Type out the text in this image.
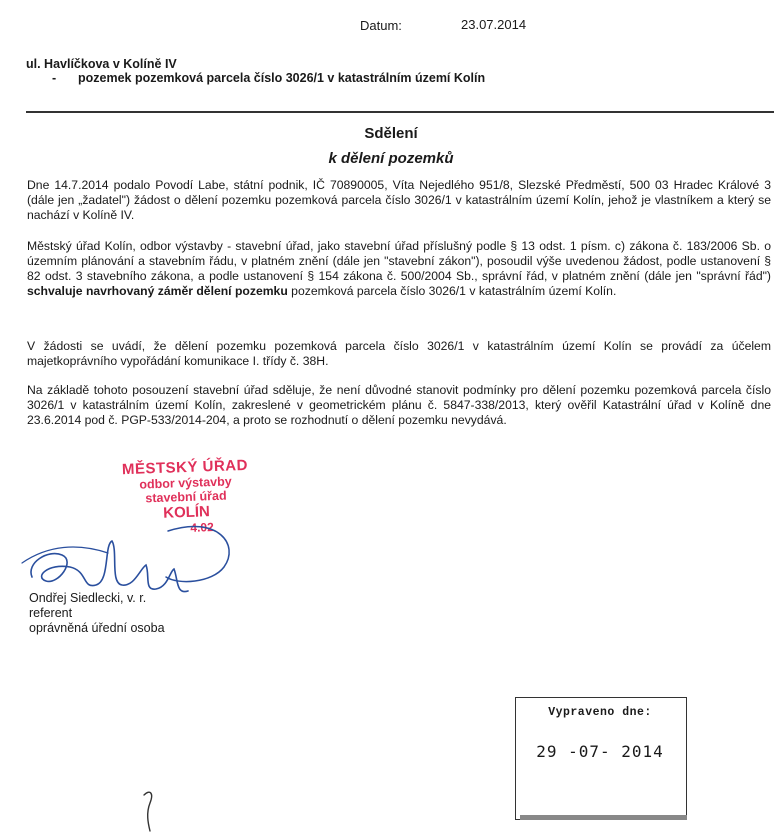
Datum:	23.07.2014
ul. Havlíčkova v Kolíně IV
- pozemek pozemková parcela číslo 3026/1 v katastrálním území Kolín
Sdělení
k dělení pozemků
Dne 14.7.2014 podalo Povodí Labe, státní podnik, IČ 70890005, Víta Nejedlého 951/8, Slezské Předměstí, 500 03 Hradec Králové 3 (dále jen „žadatel") žádost o dělení pozemku pozemková parcela číslo 3026/1 v katastrálním území Kolín, jehož je vlastníkem a který se nachází v Kolíně IV.
Městský úřad Kolín, odbor výstavby - stavební úřad, jako stavební úřad příslušný podle § 13 odst. 1 písm. c) zákona č. 183/2006 Sb. o územním plánování a stavebním řádu, v platném znění (dále jen "stavební zákon"), posoudil výše uvedenou žádost, podle ustanovení § 82 odst. 3 stavebního zákona, a podle ustanovení § 154 zákona č. 500/2004 Sb., správní řád, v platném znění (dále jen "správní řád") schvaluje navrhovaný záměr dělení pozemku pozemková parcela číslo 3026/1 v katastrálním území Kolín.
V žádosti se uvádí, že dělení pozemku pozemková parcela číslo 3026/1 v katastrálním území Kolín se provádí za účelem majetkoprávního vypořádání komunikace I. třídy č. 38H.
Na základě tohoto posouzení stavební úřad sděluje, že není důvodné stanovit podmínky pro dělení pozemku pozemková parcela číslo 3026/1 v katastrálním území Kolín, zakreslené v geometrickém plánu č. 5847-338/2013, který ověřil Katastrální úřad v Kolíně dne 23.6.2014 pod č. PGP-533/2014-204, a proto se rozhodnutí o dělení pozemku nevydává.
MĚSTSKÝ ÚŘAD
odbor výstavby
stavební úřad
KOLÍN
4.02
Ondřej Siedlecki, v. r.
referent
oprávněná úřední osoba
Vypraveno dne:
29 -07- 2014
